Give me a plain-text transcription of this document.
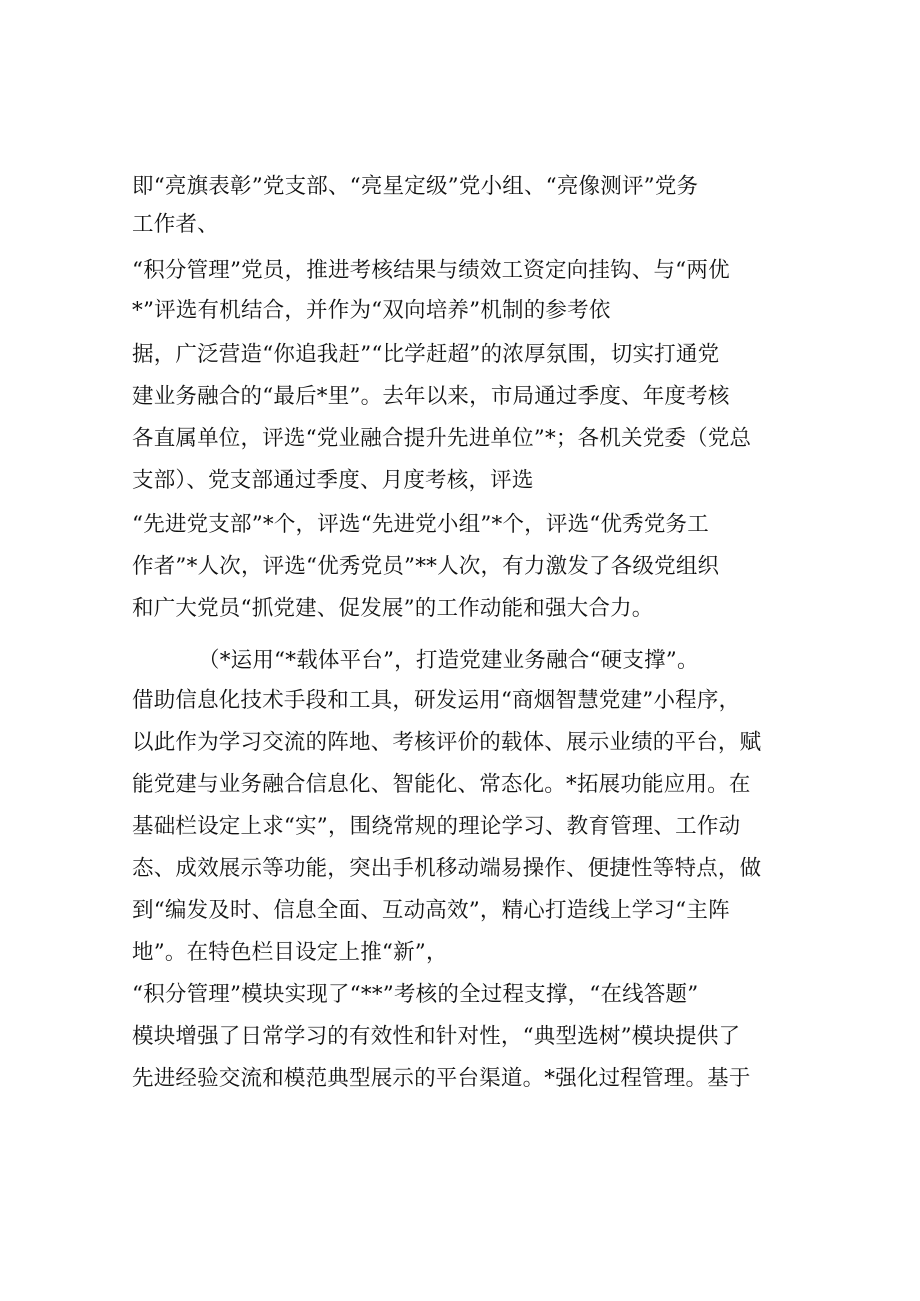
即“亮旗表彰”党支部、“亮星定级”党小组、“亮像测评”党务

工作者、

“积分管理”党员，推进考核结果与绩效工资定向挂钩、与“两优

*”评选有机结合，并作为“双向培养”机制的参考依

据，广泛营造“你追我赶”“比学赶超”的浓厚氛围，切实打通党

建业务融合的“最后*里”。去年以来，市局通过季度、年度考核

各直属单位，评选“党业融合提升先进单位”*；各机关党委（党总

支部）、党支部通过季度、月度考核，评选

“先进党支部”*个，评选“先进党小组”*个，评选“优秀党务工

作者”*人次，评选“优秀党员”**人次，有力激发了各级党组织

和广大党员“抓党建、促发展”的工作动能和强大合力。

（*运用“*载体平台”，打造党建业务融合“硬支撑”。

借助信息化技术手段和工具，研发运用“商烟智慧党建”小程序，

以此作为学习交流的阵地、考核评价的载体、展示业绩的平台，赋

能党建与业务融合信息化、智能化、常态化。*拓展功能应用。在

基础栏设定上求“实”，围绕常规的理论学习、教育管理、工作动

态、成效展示等功能，突出手机移动端易操作、便捷性等特点，做

到“编发及时、信息全面、互动高效”，精心打造线上学习“主阵

地”。在特色栏目设定上推“新”，

“积分管理”模块实现了“**”考核的全过程支撑，“在线答题”

模块增强了日常学习的有效性和针对性，“典型选树”模块提供了

先进经验交流和模范典型展示的平台渠道。*强化过程管理。基于
